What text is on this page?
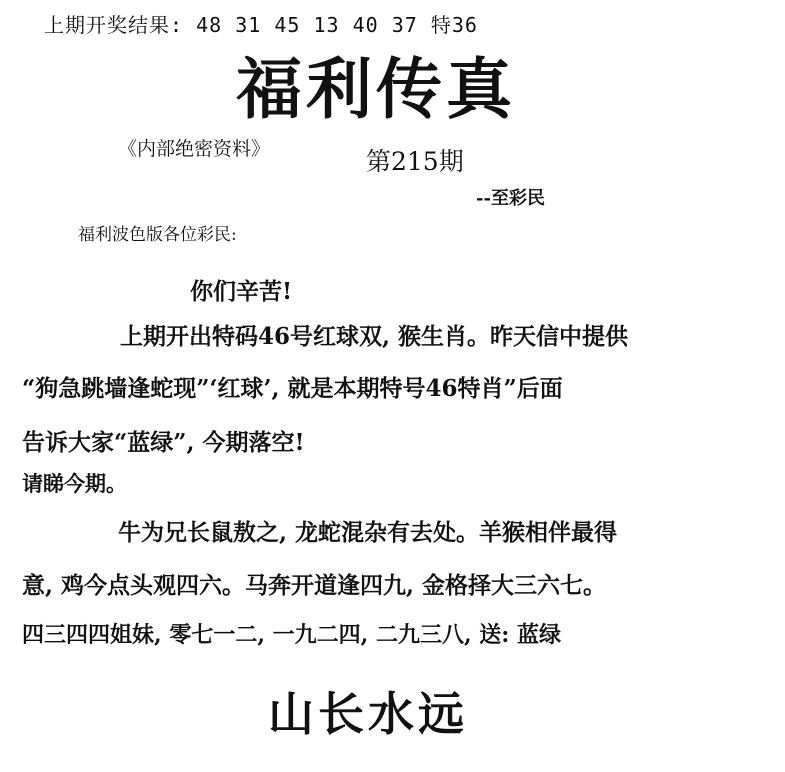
上期开奖结果: 48 31 45 13 40 37 特36
福利传真
《内部绝密资料》	第215期
--至彩民
福利波色版各位彩民:
你们辛苦!
上期开出特码46号红球双, 猴生肖。昨天信中提供
“狗急跳墙逢蛇现”‘红球’, 就是本期特号46特肖”后面
告诉大家“蓝绿”, 今期落空!
请睇今期。
牛为兄长鼠敖之, 龙蛇混杂有去处。羊猴相伴最得
意, 鸡今点头观四六。马奔开道逢四九, 金格择大三六七。
四三四四姐妹, 零七一二, 一九二四, 二九三八, 送: 蓝绿
山长水远
